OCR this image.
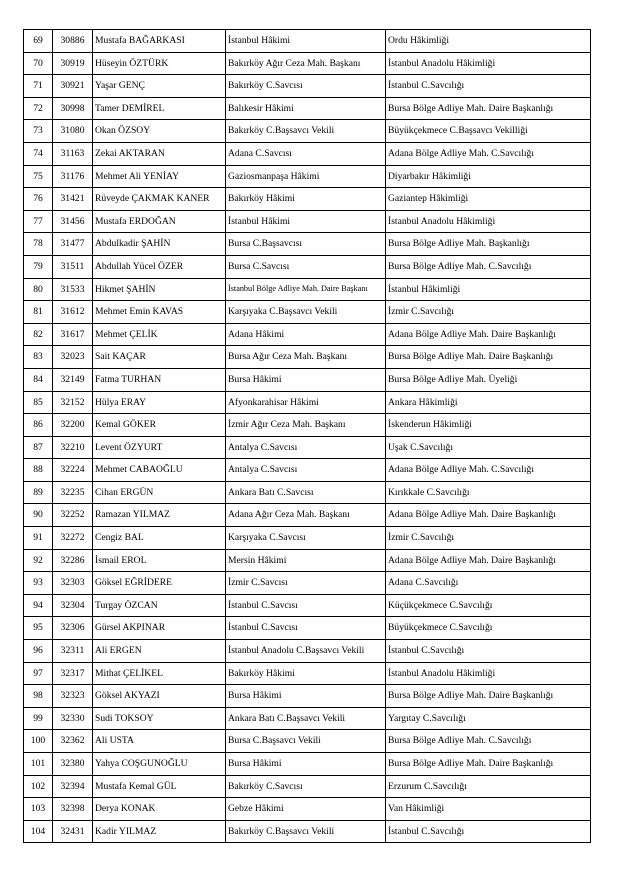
69	30886	Mustafa BAĞARKASI	İstanbul Hâkimi	Ordu Hâkimliği
70	30919	Hüseyin ÖZTÜRK	Bakırköy Ağır Ceza Mah. Başkanı	İstanbul Anadolu Hâkimliği
71	30921	Yaşar GENÇ	Bakırköy C.Savcısı	İstanbul C.Savcılığı
72	30998	Tamer DEMİREL	Balıkesir Hâkimi	Bursa Bölge Adliye Mah. Daire Başkanlığı
73	31080	Okan ÖZSOY	Bakırköy C.Başsavcı Vekili	Büyükçekmece C.Başsavcı Vekilliği
74	31163	Zekai AKTARAN	Adana C.Savcısı	Adana Bölge Adliye Mah. C.Savcılığı
75	31176	Mehmet Ali YENİAY	Gaziosmanpaşa Hâkimi	Diyarbakır Hâkimliği
76	31421	Rüveyde ÇAKMAK KANER	Bakırköy Hâkimi	Gaziantep Hâkimliği
77	31456	Mustafa ERDOĞAN	İstanbul Hâkimi	İstanbul Anadolu Hâkimliği
78	31477	Abdulkadir ŞAHİN	Bursa C.Başsavcısı	Bursa Bölge Adliye Mah. Başkanlığı
79	31511	Abdullah Yücel ÖZER	Bursa C.Savcısı	Bursa Bölge Adliye Mah. C.Savcılığı
80	31533	Hikmet ŞAHİN	İstanbul Bölge Adliye Mah. Daire Başkanı	İstanbul Hâkimliği
81	31612	Mehmet Emin KAVAS	Karşıyaka C.Başsavcı Vekili	İzmir C.Savcılığı
82	31617	Mehmet ÇELİK	Adana Hâkimi	Adana Bölge Adliye Mah. Daire Başkanlığı
83	32023	Sait KAÇAR	Bursa Ağır Ceza Mah. Başkanı	Bursa Bölge Adliye Mah. Daire Başkanlığı
84	32149	Fatma TURHAN	Bursa Hâkimi	Bursa Bölge Adliye Mah. Üyeliği
85	32152	Hülya ERAY	Afyonkarahisar Hâkimi	Ankara Hâkimliği
86	32200	Kemal GÖKER	İzmir Ağır Ceza Mah. Başkanı	İskenderun Hâkimliği
87	32210	Levent ÖZYURT	Antalya C.Savcısı	Uşak C.Savcılığı
88	32224	Mehmet CABAOĞLU	Antalya C.Savcısı	Adana Bölge Adliye Mah. C.Savcılığı
89	32235	Cihan ERGÜN	Ankara Batı C.Savcısı	Kırıkkale C.Savcılığı
90	32252	Ramazan YILMAZ	Adana Ağır Ceza Mah. Başkanı	Adana Bölge Adliye Mah. Daire Başkanlığı
91	32272	Cengiz BAL	Karşıyaka C.Savcısı	İzmir C.Savcılığı
92	32286	İsmail EROL	Mersin Hâkimi	Adana Bölge Adliye Mah. Daire Başkanlığı
93	32303	Göksel EĞRİDERE	İzmir C.Savcısı	Adana C.Savcılığı
94	32304	Turgay ÖZCAN	İstanbul C.Savcısı	Küçükçekmece C.Savcılığı
95	32306	Gürsel AKPINAR	İstanbul C.Savcısı	Büyükçekmece C.Savcılığı
96	32311	Ali ERGEN	İstanbul Anadolu C.Başsavcı Vekili	İstanbul C.Savcılığı
97	32317	Mithat ÇELİKEL	Bakırköy Hâkimi	İstanbul Anadolu Hâkimliği
98	32323	Göksel AKYAZI	Bursa Hâkimi	Bursa Bölge Adliye Mah. Daire Başkanlığı
99	32330	Sudi TOKSOY	Ankara Batı C.Başsavcı Vekili	Yargıtay C.Savcılığı
100	32362	Ali USTA	Bursa C.Başsavcı Vekili	Bursa Bölge Adliye Mah. C.Savcılığı
101	32380	Yahya COŞGUNOĞLU	Bursa Hâkimi	Bursa Bölge Adliye Mah. Daire Başkanlığı
102	32394	Mustafa Kemal GÜL	Bakırköy C.Savcısı	Erzurum C.Savcılığı
103	32398	Derya KONAK	Gebze Hâkimi	Van Hâkimliği
104	32431	Kadir YILMAZ	Bakırköy C.Başsavcı Vekili	İstanbul C.Savcılığı
